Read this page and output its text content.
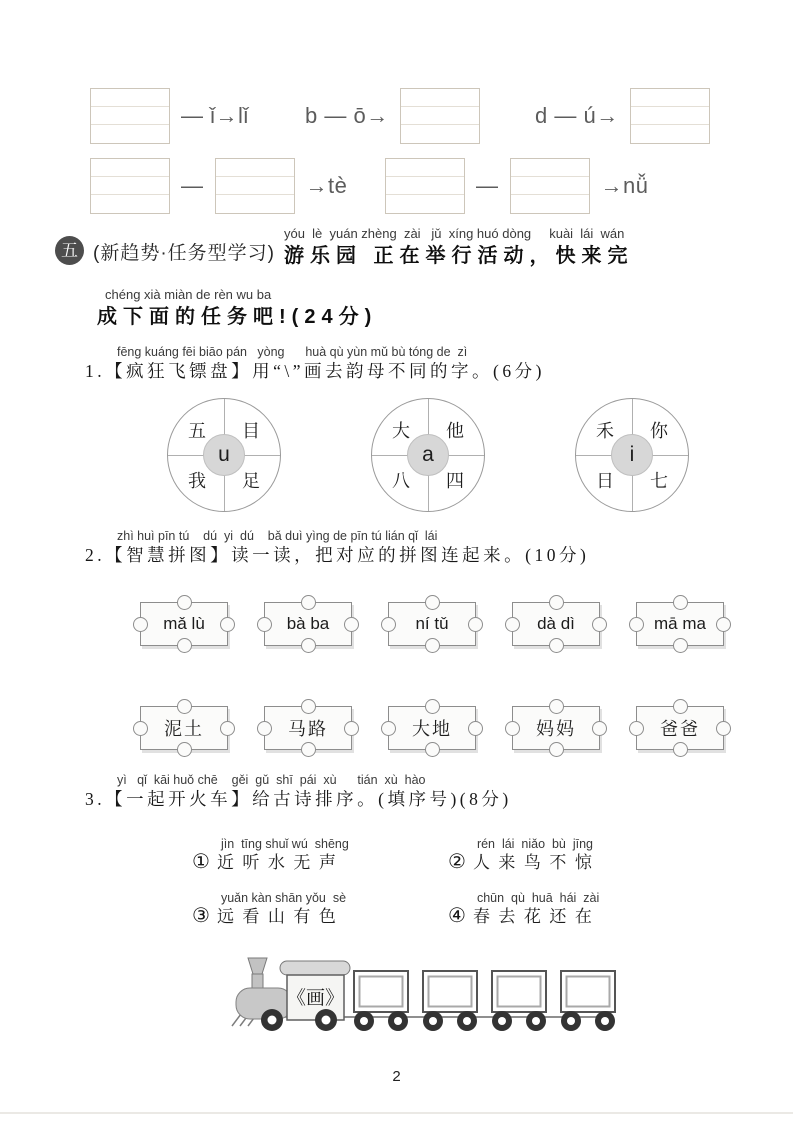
— ǐ→lǐ	b — ō→	d — ú→
—	→tè	—	→nǚ
五 (新趋势·任务型学习)
yóu  lè  yuán zhèng  zài   jǔ  xíng huó dòng     kuài  lái  wán
游乐园 正在举行活动，快来完
chéng xià miàn de rèn wu ba
成下面的任务吧!(24分)
fēng kuáng fēi biāo pán   yòng      huà qù yùn mǔ bù tóng de  zì
1.【疯狂飞镖盘】用“\”画去韵母不同的字。(6分)
五 目
我 足
u
大 他
八 四
a
禾 你
日 七
i
zhì huì pīn tú    dú  yi  dú    bǎ duì yìng de pīn tú lián qǐ  lái
2.【智慧拼图】读一读，把对应的拼图连起来。(10分)
mǎ lù	bà ba	ní tǔ	dà dì	mā ma
泥土	马路	大地	妈妈	爸爸
yì   qǐ  kāi huǒ chē    gěi  gǔ  shī  pái  xù      tián  xù  hào
3.【一起开火车】给古诗排序。(填序号)(8分)
①
jìn  tīng shuǐ wú  shēng
近听水无声	②
rén  lái  niǎo  bù  jīng
人来鸟不惊
③
yuǎn kàn shān yǒu  sè
远看山有色	④
chūn  qù  huā  hái  zài
春去花还在
《画》
2
